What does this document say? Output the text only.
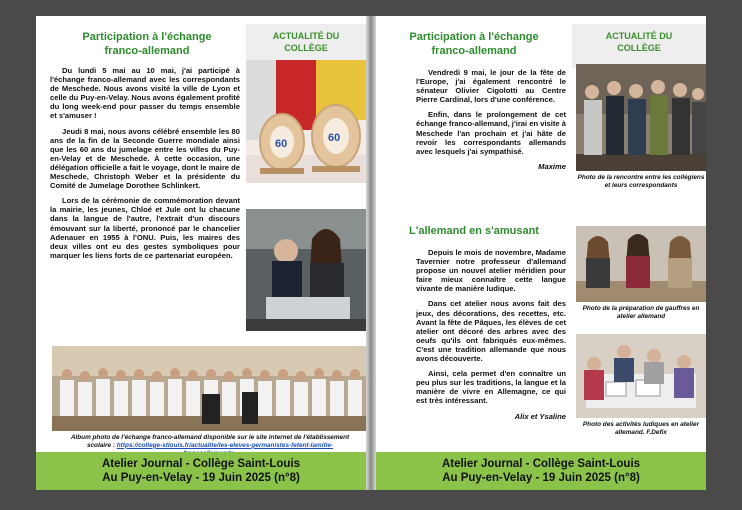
Participation à l'échange
franco-allemand
ACTUALITÉ DU
COLLÈGE

Du lundi 5 mai au 10 mai, j'ai participé à l'échange franco-allemand avec les correspondants de Meschede. Nous avons visité la ville de Lyon et celle du Puy-en-Velay. Nous avons également profité du long week-end pour passer du temps ensemble et s'amuser !

Jeudi 8 mai, nous avons célébré ensemble les 80 ans de la fin de la Seconde Guerre mondiale ainsi que les 60 ans du jumelage entre les villes du Puy-en-Velay et de Meschede. À cette occasion, une délégation officielle a fait le voyage, dont le maire de Meschede, Christoph Weber et la présidente du Comité de Jumelage Dorothee Schlinkert.

Lors de la cérémonie de commémoration devant la mairie, les jeunes, Chloé et Jule ont lu chacune dans la langue de l'autre, l'extrait d'un discours émouvant sur la liberté, prononcé par le chancelier Adenauer en 1955 à l'ONU. Puis, les maires des deux villes ont eu des gestes symboliques pour marquer les liens forts de ce partenariat européen.

60	60
Album photo de l'échange franco-allemand disponible sur le site internet de l'établissement scolaire : https://college-stlouis.fr/actualite/les-eleves-germanistes-fetent-lamitie-
Atelier Journal - Collège Saint-Louis
Au Puy-en-Velay - 19 Juin 2025 (n°8)
Participation à l'échange
franco-allemand
ACTUALITÉ DU
COLLÈGE

Vendredi 9 mai, le jour de la fête de l'Europe, j'ai également rencontré le sénateur Olivier Cigolotti au Centre Pierre Cardinal, lors d'une conférence.

Enfin, dans le prolongement de cet échange franco-allemand, j'irai en visite à Meschede l'an prochain et j'ai hâte de revoir les correspondants allemands avec lesquels j'ai sympathisé.

Maxime
L'allemand en s'amusant

Depuis le mois de novembre, Madame Tavernier notre professeur d'allemand propose un nouvel atelier méridien pour faire mieux connaître cette langue vivante de manière ludique.

Dans cet atelier nous avons fait des jeux, des décorations, des recettes, etc. Avant la fête de Pâques, les élèves de cet atelier ont décoré des arbres avec des oeufs qu'ils ont fabriqués eux-mêmes. C'est une tradition allemande que nous avons découverte.

Ainsi, cela permet d'en connaître un peu plus sur les traditions, la langue et la manière de vivre en Allemagne, ce qui est très intéressant.

Alix et Ysaline
Photo de la rencontre entre les collégiens et leurs correspondants
Photo de la préparation de gauffres en atelier allemand
Photo des activités ludiques en atelier allemand. F.Defix
Atelier Journal - Collège Saint-Louis
Au Puy-en-Velay - 19 Juin 2025 (n°8)
